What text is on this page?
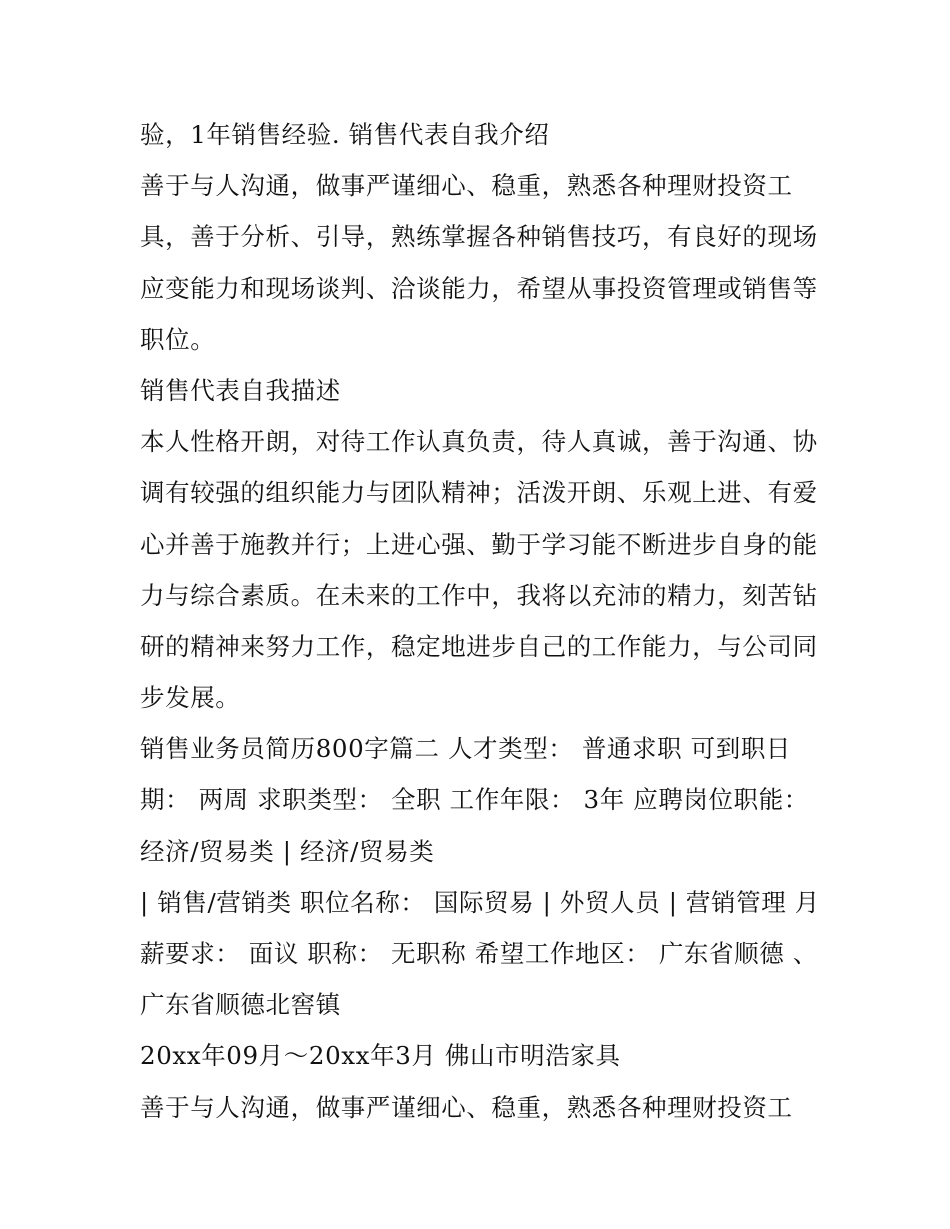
验，1年销售经验. 销售代表自我介绍
善于与人沟通，做事严谨细心、稳重，熟悉各种理财投资工
具，善于分析、引导，熟练掌握各种销售技巧，有良好的现场
应变能力和现场谈判、洽谈能力，希望从事投资管理或销售等
职位。
销售代表自我描述
本人性格开朗，对待工作认真负责，待人真诚，善于沟通、协
调有较强的组织能力与团队精神；活泼开朗、乐观上进、有爱
心并善于施教并行；上进心强、勤于学习能不断进步自身的能
力与综合素质。在未来的工作中，我将以充沛的精力，刻苦钻
研的精神来努力工作，稳定地进步自己的工作能力，与公司同
步发展。
销售业务员简历800字篇二 人才类型： 普通求职 可到职日
期： 两周 求职类型： 全职 工作年限： 3年 应聘岗位职能：
经济/贸易类 | 经济/贸易类
| 销售/营销类 职位名称： 国际贸易 | 外贸人员 | 营销管理 月
薪要求： 面议 职称： 无职称 希望工作地区： 广东省顺德 、
广东省顺德北窖镇
20xx年09月～20xx年3月 佛山市明浩家具
善于与人沟通，做事严谨细心、稳重，熟悉各种理财投资工
